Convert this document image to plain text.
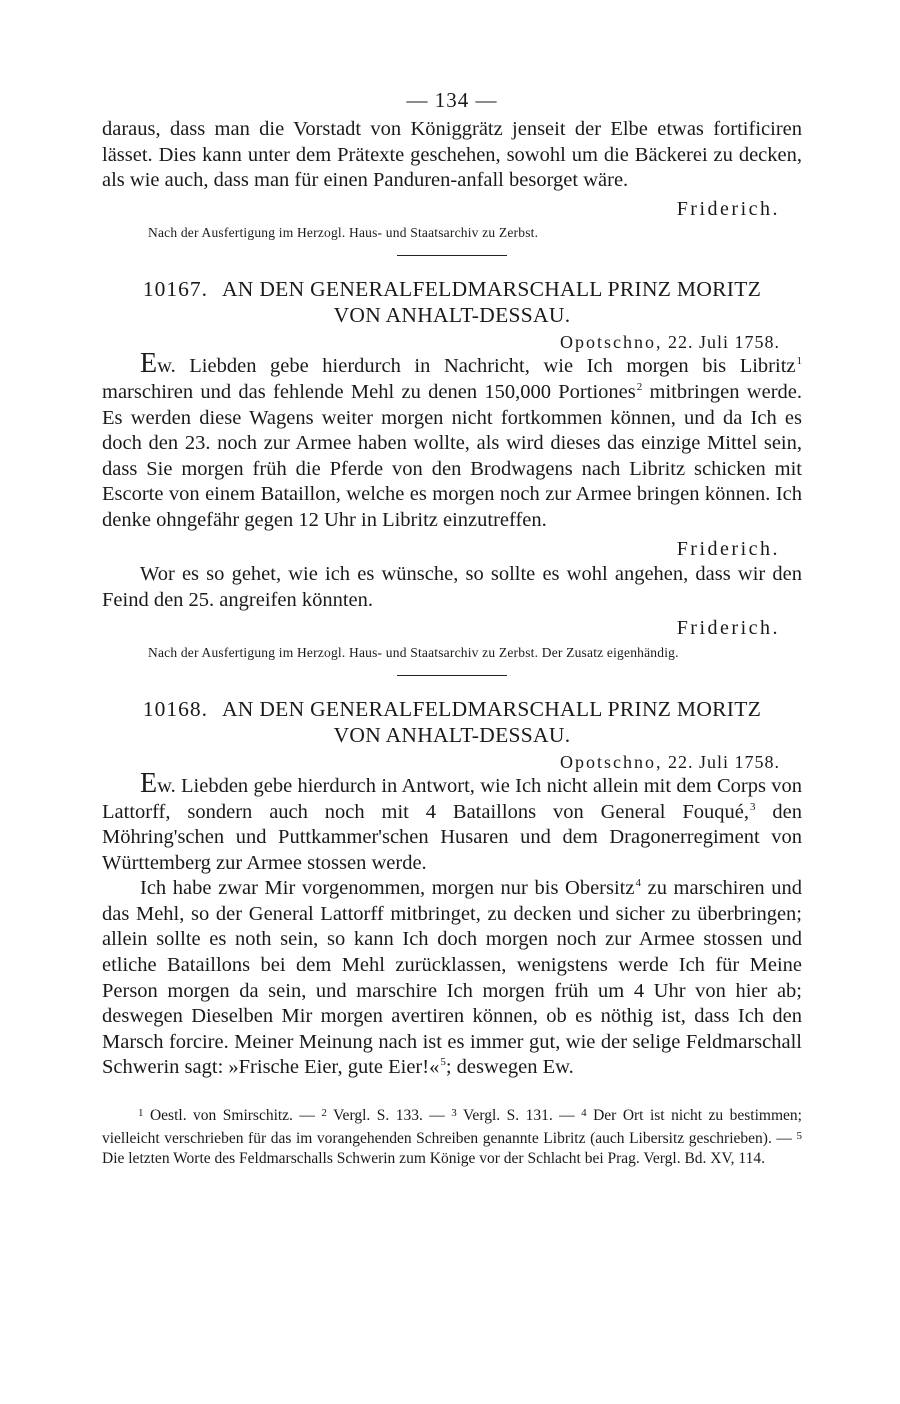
— 134 —

daraus, dass man die Vorstadt von Königgrätz jenseit der Elbe etwas fortificiren lässet. Dies kann unter dem Prätexte geschehen, sowohl um die Bäckerei zu decken, als wie auch, dass man für einen Panduren-anfall besorget wäre.

Friderich.

Nach der Ausfertigung im Herzogl. Haus- und Staatsarchiv zu Zerbst.

10167. AN DEN GENERALFELDMARSCHALL PRINZ MORITZ
VON ANHALT-DESSAU.
Opotschno, 22. Juli 1758.

Ew. Liebden gebe hierdurch in Nachricht, wie Ich morgen bis Libritz$^1$ marschiren und das fehlende Mehl zu denen 150,000 Portiones$^2$ mitbringen werde. Es werden diese Wagens weiter morgen nicht fortkommen können, und da Ich es doch den 23. noch zur Armee haben wollte, als wird dieses das einzige Mittel sein, dass Sie morgen früh die Pferde von den Brodwagens nach Libritz schicken mit Escorte von einem Bataillon, welche es morgen noch zur Armee bringen können. Ich denke ohngefähr gegen 12 Uhr in Libritz einzutreffen.

Friderich.

Wor es so gehet, wie ich es wünsche, so sollte es wohl angehen, dass wir den Feind den 25. angreifen könnten.

Friderich.

Nach der Ausfertigung im Herzogl. Haus- und Staatsarchiv zu Zerbst. Der Zusatz eigenhändig.

10168. AN DEN GENERALFELDMARSCHALL PRINZ MORITZ
VON ANHALT-DESSAU.
Opotschno, 22. Juli 1758.

Ew. Liebden gebe hierdurch in Antwort, wie Ich nicht allein mit dem Corps von Lattorff, sondern auch noch mit 4 Bataillons von General Fouqué,$^3$ den Möhring'schen und Puttkammer'schen Husaren und dem Dragonerregiment von Württemberg zur Armee stossen werde.

Ich habe zwar Mir vorgenommen, morgen nur bis Obersitz$^4$ zu marschiren und das Mehl, so der General Lattorff mitbringet, zu decken und sicher zu überbringen; allein sollte es noth sein, so kann Ich doch morgen noch zur Armee stossen und etliche Bataillons bei dem Mehl zurücklassen, wenigstens werde Ich für Meine Person morgen da sein, und marschire Ich morgen früh um 4 Uhr von hier ab; deswegen Dieselben Mir morgen avertiren können, ob es nöthig ist, dass Ich den Marsch forcire. Meiner Meinung nach ist es immer gut, wie der selige Feldmarschall Schwerin sagt: »Frische Eier, gute Eier!«$^5$; deswegen Ew.

$^1$ Oestl. von Smirschitz. — $^2$ Vergl. S. 133. — $^3$ Vergl. S. 131. — $^4$ Der Ort ist nicht zu bestimmen; vielleicht verschrieben für das im vorangehenden Schreiben genannte Libritz (auch Libersitz geschrieben). — $^5$ Die letzten Worte des Feldmarschalls Schwerin zum Könige vor der Schlacht bei Prag. Vergl. Bd. XV, 114.
